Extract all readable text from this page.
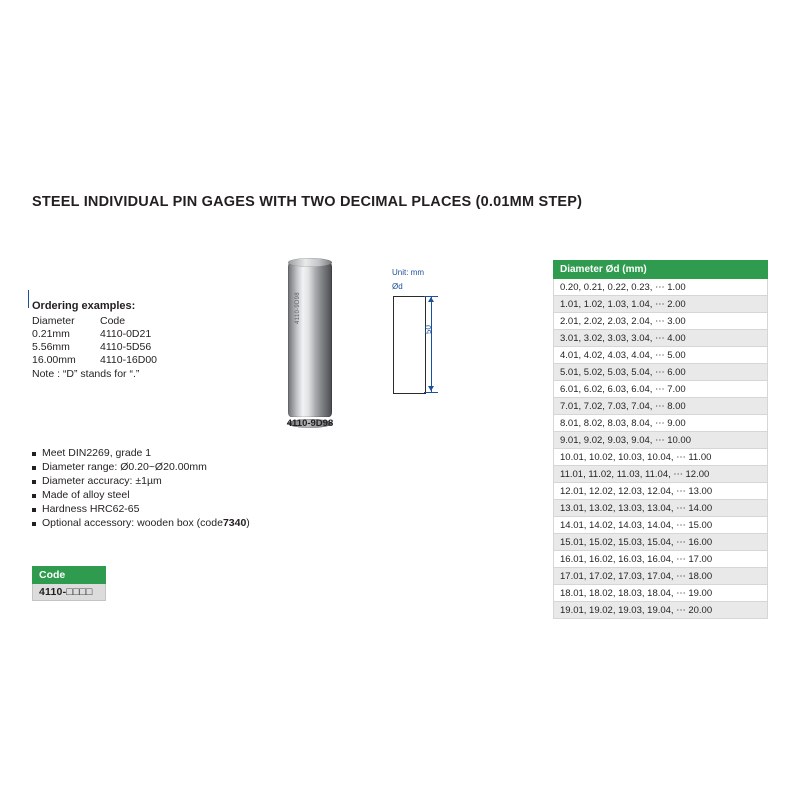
STEEL INDIVIDUAL PIN GAGES WITH TWO DECIMAL PLACES (0.01MM STEP)
Ordering examples:
Diameter	Code
0.21mm	4110-0D21
5.56mm	4110-5D56
16.00mm	4110-16D00
Note : “D” stands for “.”
4110-9D98
4110-9D98
Unit: mm
Ød
50
Meet DIN2269, grade 1
Diameter range: Ø0.20~Ø20.00mm
Diameter accuracy: ±1µm
Made of alloy steel
Hardness HRC62-65
Optional accessory: wooden box (code 7340 )
Code
4110-□□□□
Diameter Ød (mm)
0.20, 0.21, 0.22, 0.23, ⋯ 1.00
1.01, 1.02, 1.03, 1.04, ⋯ 2.00
2.01, 2.02, 2.03, 2.04, ⋯ 3.00
3.01, 3.02, 3.03, 3.04, ⋯ 4.00
4.01, 4.02, 4.03, 4.04, ⋯ 5.00
5.01, 5.02, 5.03, 5.04, ⋯ 6.00
6.01, 6.02, 6.03, 6.04, ⋯ 7.00
7.01, 7.02, 7.03, 7.04, ⋯ 8.00
8.01, 8.02, 8.03, 8.04, ⋯ 9.00
9.01, 9.02, 9.03, 9.04, ⋯ 10.00
10.01, 10.02, 10.03, 10.04, ⋯ 11.00
11.01, 11.02, 11.03, 11.04, ⋯ 12.00
12.01, 12.02, 12.03, 12.04, ⋯ 13.00
13.01, 13.02, 13.03, 13.04, ⋯ 14.00
14.01, 14.02, 14.03, 14.04, ⋯ 15.00
15.01, 15.02, 15.03, 15.04, ⋯ 16.00
16.01, 16.02, 16.03, 16.04, ⋯ 17.00
17.01, 17.02, 17.03, 17.04, ⋯ 18.00
18.01, 18.02, 18.03, 18.04, ⋯ 19.00
19.01, 19.02, 19.03, 19.04, ⋯ 20.00
